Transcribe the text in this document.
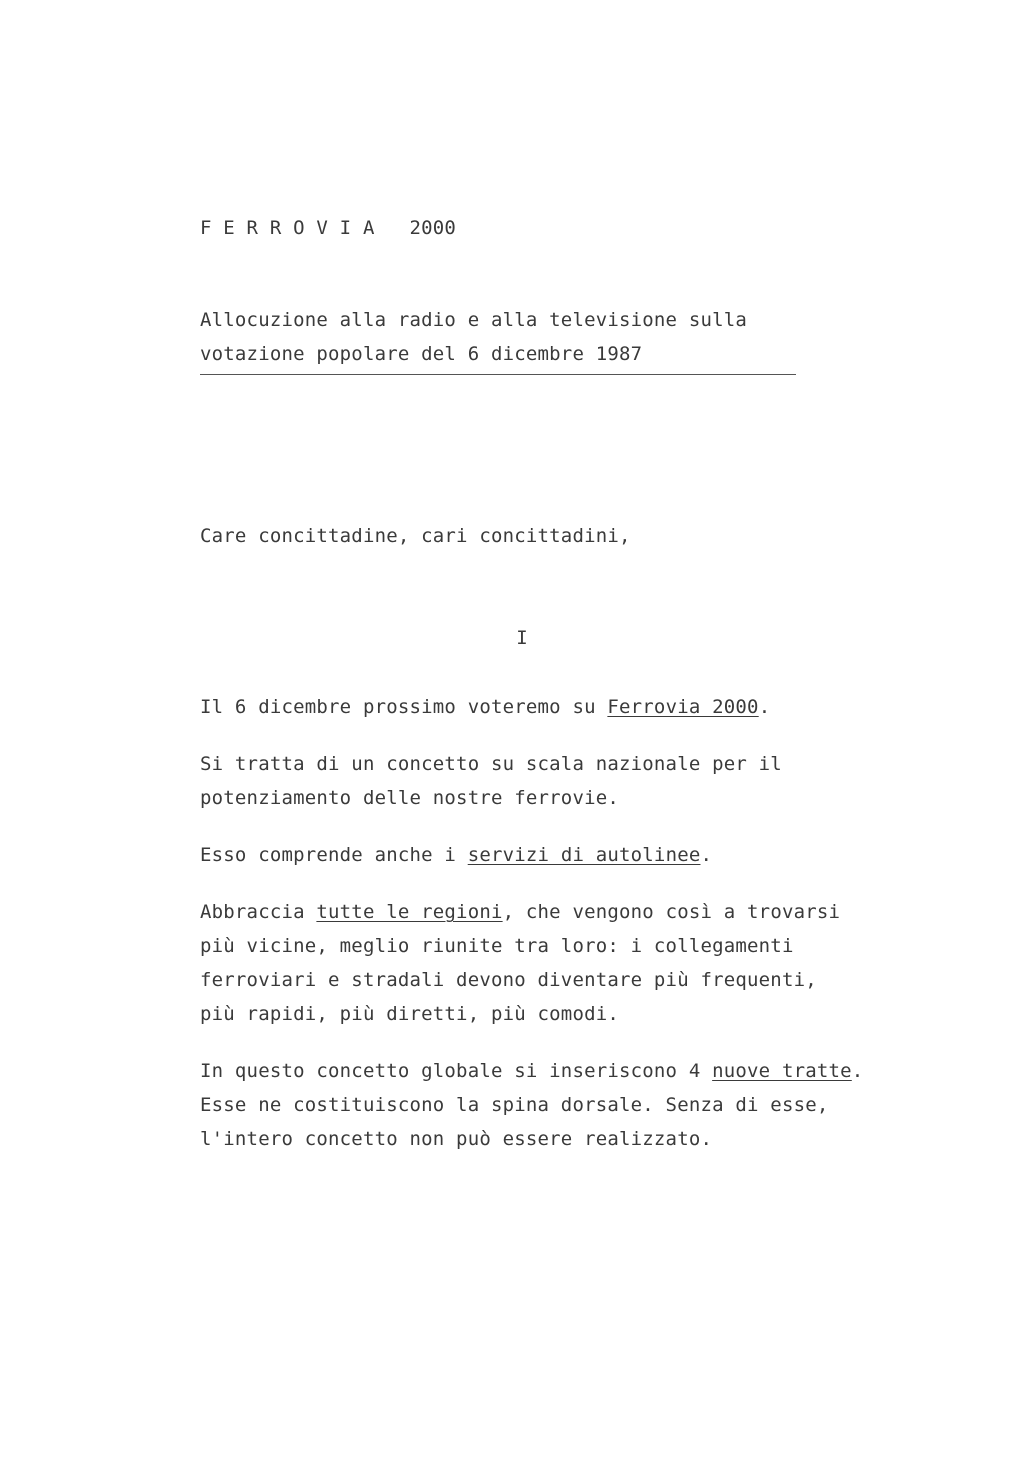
F E R R O V I A   2000
Allocuzione alla radio e alla televisione sulla
votazione popolare del 6 dicembre 1987
Care concittadine, cari concittadini,
I
Il 6 dicembre prossimo voteremo su Ferrovia 2000.
Si tratta di un concetto su scala nazionale per il
potenziamento delle nostre ferrovie.
Esso comprende anche i servizi di autolinee.
Abbraccia tutte le regioni, che vengono così a trovarsi
più vicine, meglio riunite tra loro: i collegamenti
ferroviari e stradali devono diventare più frequenti,
più rapidi, più diretti, più comodi.
In questo concetto globale si inseriscono 4 nuove tratte.
Esse ne costituiscono la spina dorsale. Senza di esse,
l'intero concetto non può essere realizzato.
